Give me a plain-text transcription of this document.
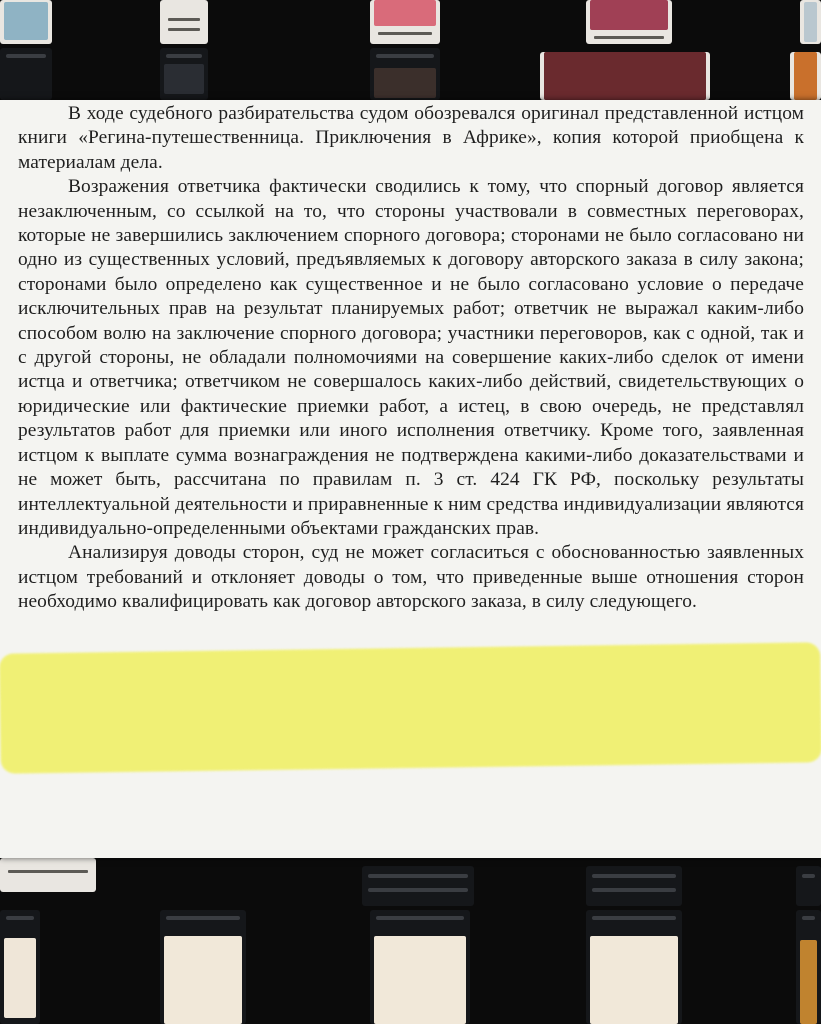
В ходе судебного разбирательства судом обозревался оригинал представленной истцом книги «Регина-путешественница. Приключения в Африке», копия которой приобщена к материалам дела.

Возражения ответчика фактически сводились к тому, что спорный договор является незаключенным, со ссылкой на то, что стороны участвовали в совместных переговорах, которые не завершились заключением спорного договора; сторонами не было согласовано ни одно из существенных условий, предъявляемых к договору авторского заказа в силу закона; сторонами было определено как существенное и не было согласовано условие о передаче исключительных прав на результат планируемых работ; ответчик не выражал каким-либо способом волю на заключение спорного договора; участники переговоров, как с одной, так и с другой стороны, не обладали полномочиями на совершение каких-либо сделок от имени истца и ответчика; ответчиком не совершалось каких-либо действий, свидетельствующих о юридические или фактические приемки работ, а истец, в свою очередь, не представлял результатов работ для приемки или иного исполнения ответчику. Кроме того, заявленная истцом к выплате сумма вознаграждения не подтверждена какими-либо доказательствами и не может быть, рассчитана по правилам п. 3 ст. 424 ГК РФ, поскольку результаты интеллектуальной деятельности и приравненные к ним средства индивидуализации являются индивидуально-определенными объектами гражданских прав.

Анализируя доводы сторон, суд не может согласиться с обоснованностью заявленных истцом требований и отклоняет доводы о том, что приведенные выше отношения сторон необходимо квалифицировать как договор авторского заказа, в силу следующего.
